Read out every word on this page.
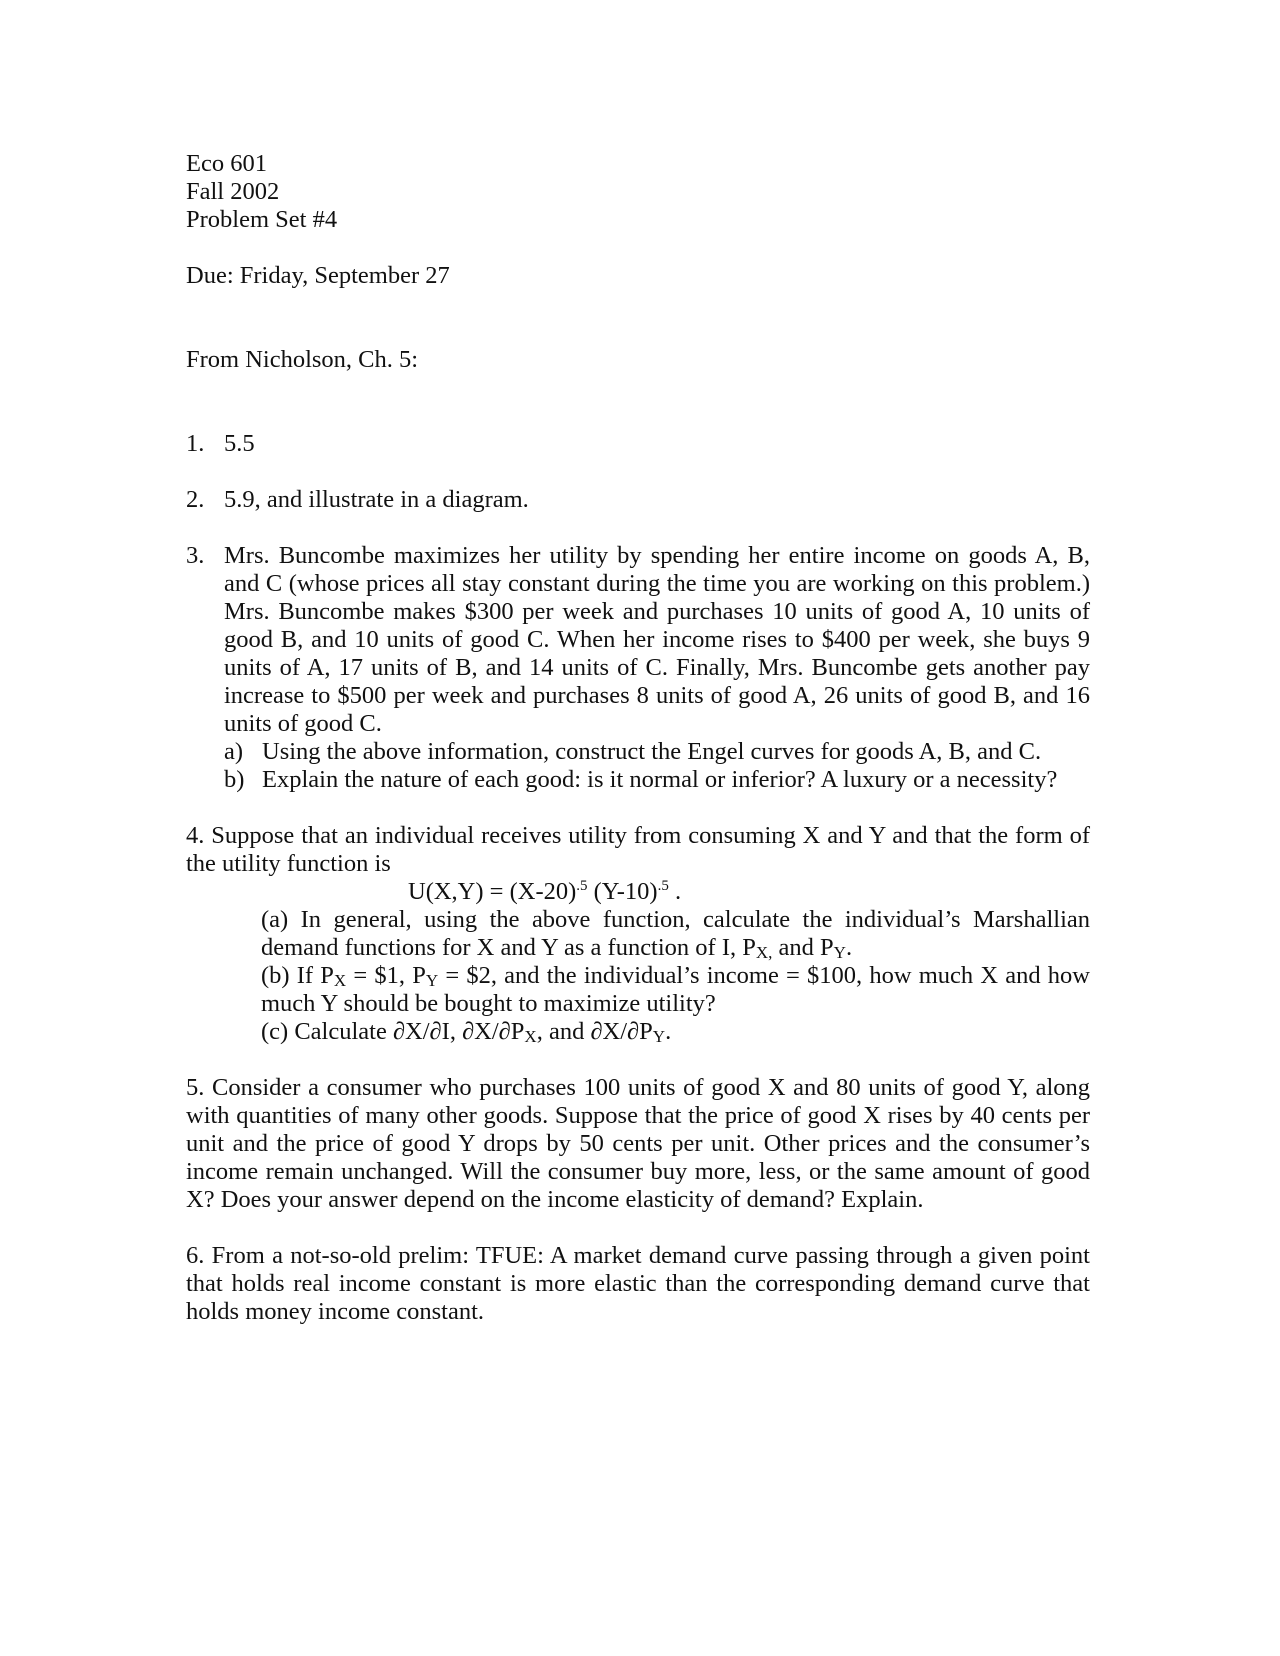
Eco 601
Fall 2002
Problem Set #4
Due: Friday, September 27
From Nicholson, Ch. 5:
1. 5.5
2. 5.9, and illustrate in a diagram.
3. Mrs. Buncombe maximizes her utility by spending her entire income on goods A, B, and C (whose prices all stay constant during the time you are working on this problem.) Mrs. Buncombe makes $300 per week and purchases 10 units of good A, 10 units of good B, and 10 units of good C. When her income rises to $400 per week, she buys 9 units of A, 17 units of B, and 14 units of C. Finally, Mrs. Buncombe gets another pay increase to $500 per week and purchases 8 units of good A, 26 units of good B, and 16 units of good C.
a) Using the above information, construct the Engel curves for goods A, B, and C.
b) Explain the nature of each good: is it normal or inferior? A luxury or a necessity?
4. Suppose that an individual receives utility from consuming X and Y and that the form of the utility function is
$U(X,Y) = (X-20)^{.5}$ $(Y-10)^{.5}$ .
(a) In general, using the above function, calculate the individual’s Marshallian demand functions for X and Y as a function of I, $P_{X,}$ and $P_Y$.
(b) If $P_X$ = $1, $P_Y$ = $2, and the individual’s income = $100, how much X and how much Y should be bought to maximize utility?
(c) Calculate ∂X/∂I, $\partial X/\partial P_X$, and $\partial X/\partial P_Y$.
5. Consider a consumer who purchases 100 units of good X and 80 units of good Y, along with quantities of many other goods. Suppose that the price of good X rises by 40 cents per unit and the price of good Y drops by 50 cents per unit. Other prices and the consumer’s income remain unchanged. Will the consumer buy more, less, or the same amount of good X? Does your answer depend on the income elasticity of demand? Explain.
6. From a not-so-old prelim: TFUE: A market demand curve passing through a given point that holds real income constant is more elastic than the corresponding demand curve that holds money income constant.
